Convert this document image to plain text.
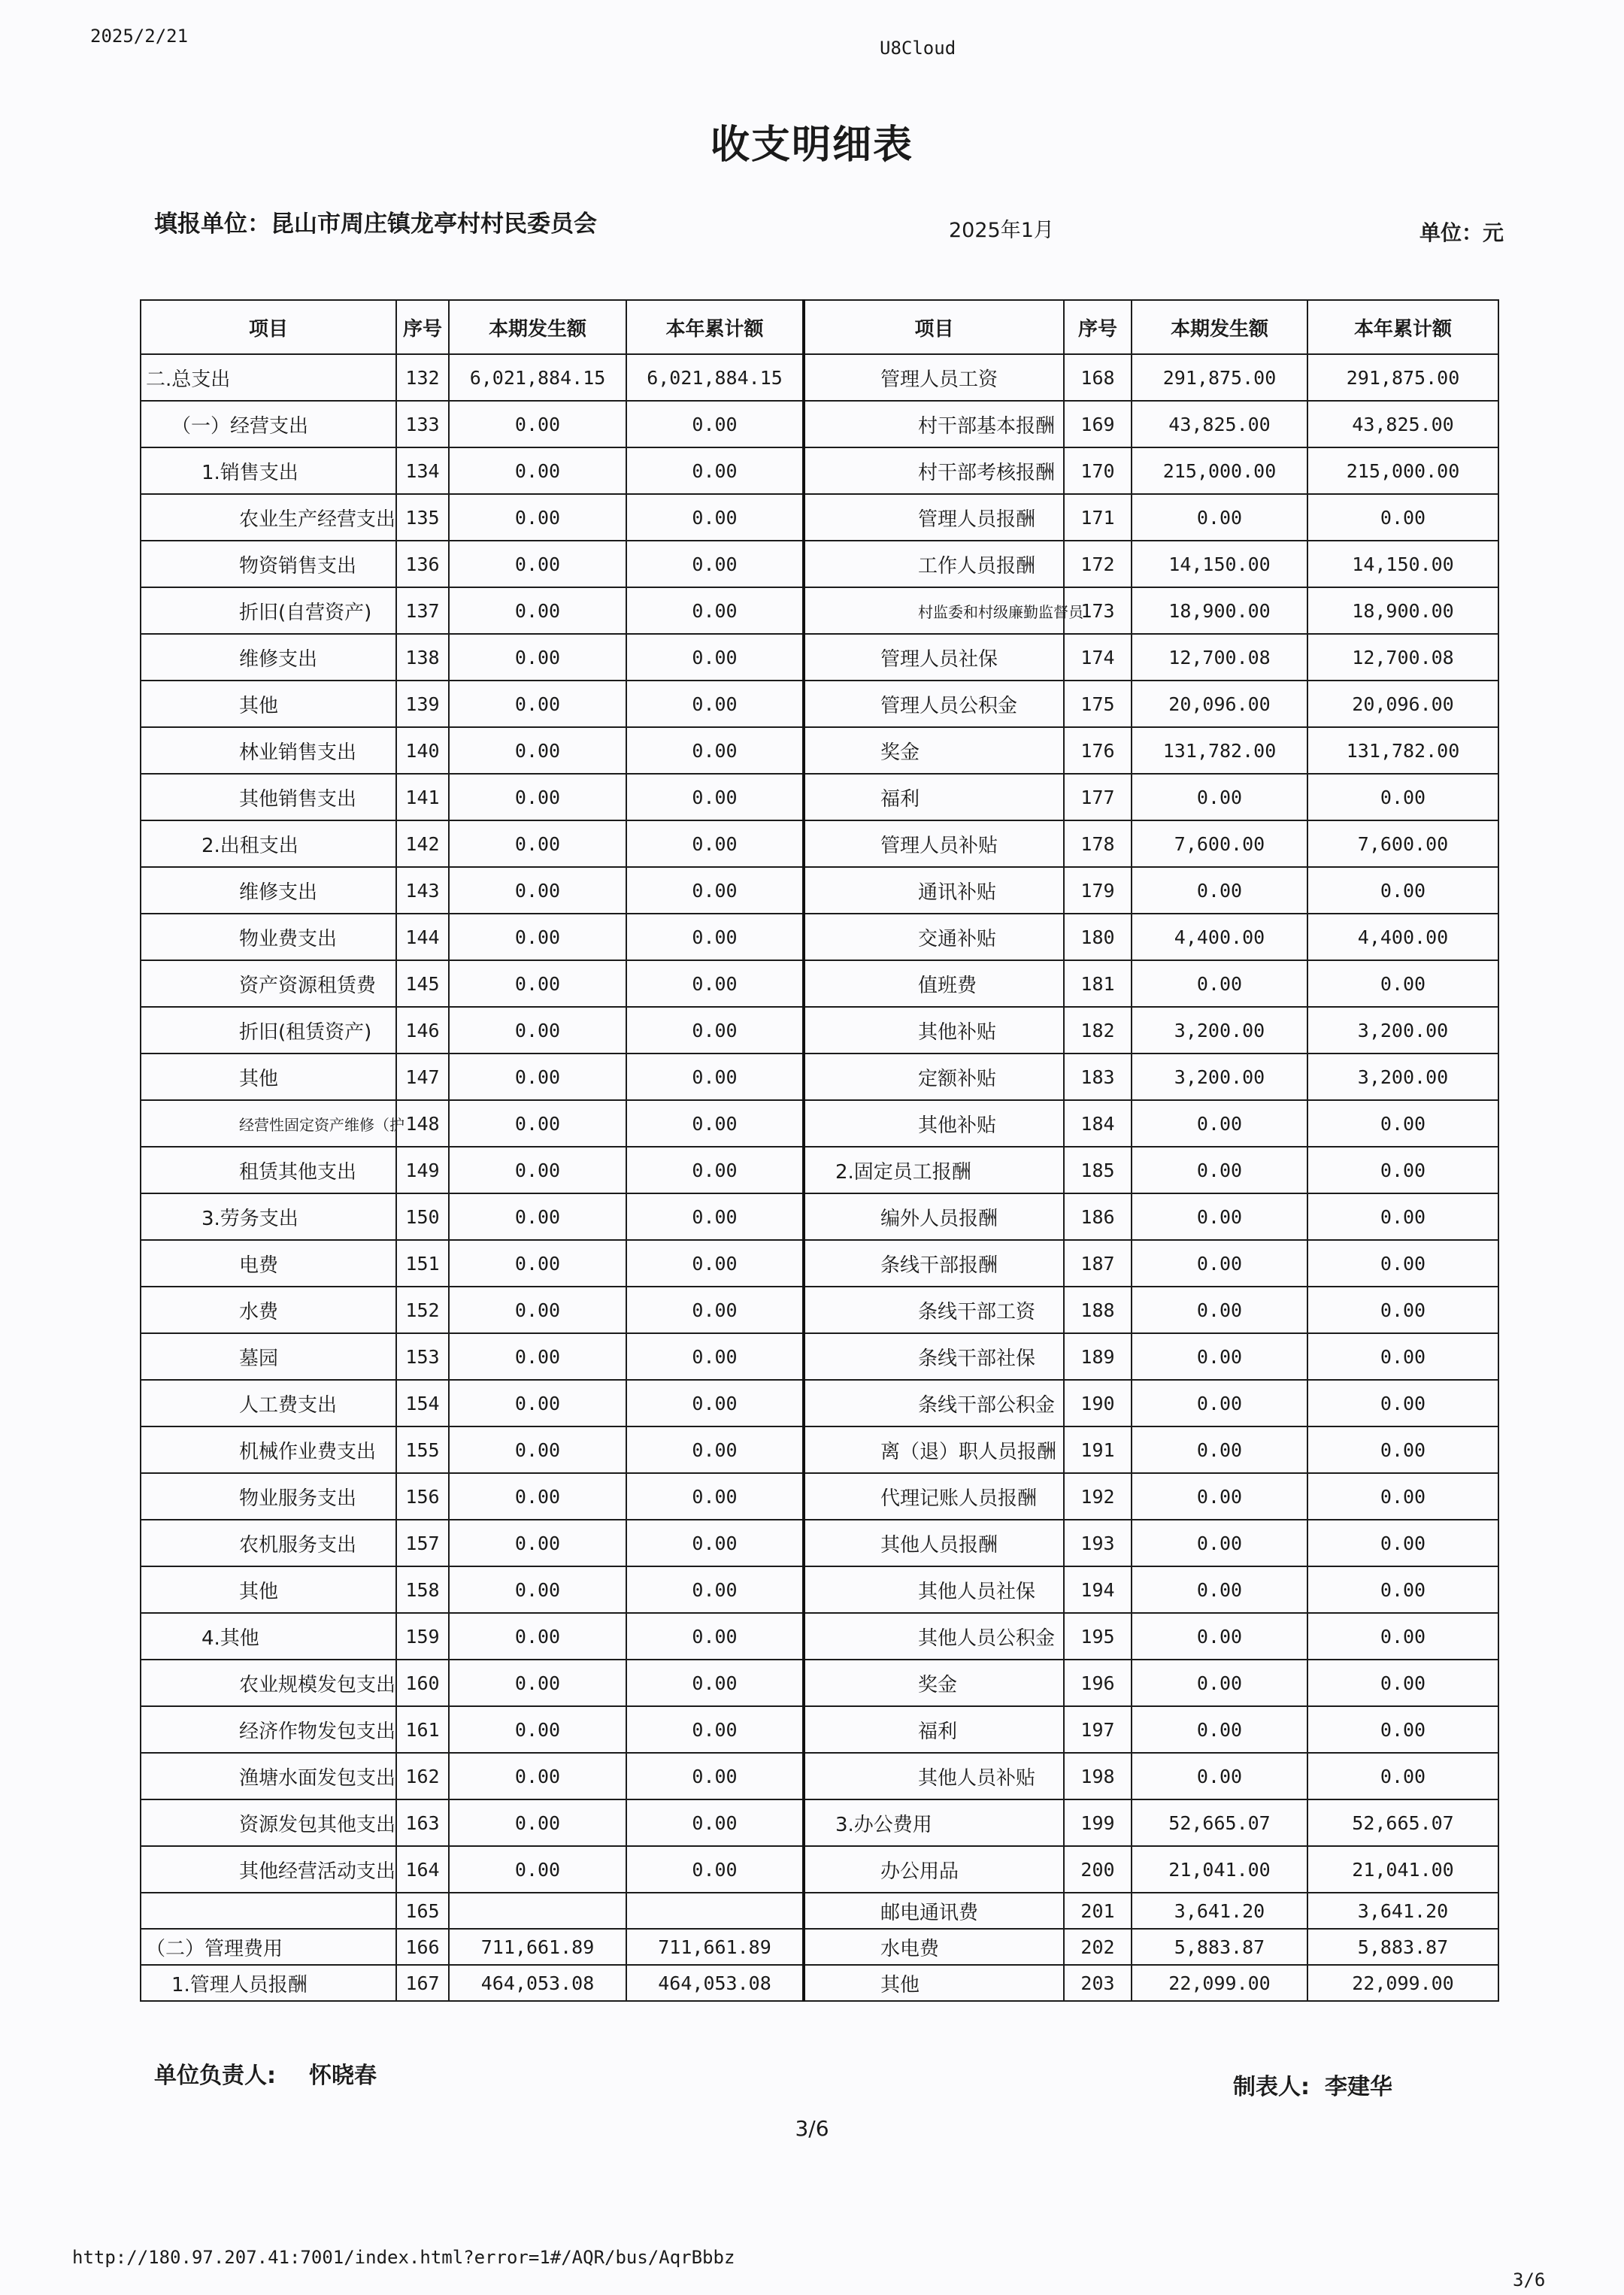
2025/2/21
U8Cloud
收支明细表
填报单位：昆山市周庄镇龙亭村村民委员会	2025年1月	单位：元
项目	序号	本期发生额	本年累计额	项目	序号	本期发生额	本年累计额
二.总支出	132	6,021,884.15	6,021,884.15	管理人员工资	168	291,875.00	291,875.00
（一）经营支出	133	0.00	0.00	村干部基本报酬	169	43,825.00	43,825.00
1.销售支出	134	0.00	0.00	村干部考核报酬	170	215,000.00	215,000.00
农业生产经营支出	135	0.00	0.00	管理人员报酬	171	0.00	0.00
物资销售支出	136	0.00	0.00	工作人员报酬	172	14,150.00	14,150.00
折旧(自营资产)	137	0.00	0.00	村监委和村级廉勤监督员	173	18,900.00	18,900.00
维修支出	138	0.00	0.00	管理人员社保	174	12,700.08	12,700.08
其他	139	0.00	0.00	管理人员公积金	175	20,096.00	20,096.00
林业销售支出	140	0.00	0.00	奖金	176	131,782.00	131,782.00
其他销售支出	141	0.00	0.00	福利	177	0.00	0.00
2.出租支出	142	0.00	0.00	管理人员补贴	178	7,600.00	7,600.00
维修支出	143	0.00	0.00	通讯补贴	179	0.00	0.00
物业费支出	144	0.00	0.00	交通补贴	180	4,400.00	4,400.00
资产资源租赁费	145	0.00	0.00	值班费	181	0.00	0.00
折旧(租赁资产)	146	0.00	0.00	其他补贴	182	3,200.00	3,200.00
其他	147	0.00	0.00	定额补贴	183	3,200.00	3,200.00
经营性固定资产维修（护	148	0.00	0.00	其他补贴	184	0.00	0.00
租赁其他支出	149	0.00	0.00	2.固定员工报酬	185	0.00	0.00
3.劳务支出	150	0.00	0.00	编外人员报酬	186	0.00	0.00
电费	151	0.00	0.00	条线干部报酬	187	0.00	0.00
水费	152	0.00	0.00	条线干部工资	188	0.00	0.00
墓园	153	0.00	0.00	条线干部社保	189	0.00	0.00
人工费支出	154	0.00	0.00	条线干部公积金	190	0.00	0.00
机械作业费支出	155	0.00	0.00	离（退）职人员报酬	191	0.00	0.00
物业服务支出	156	0.00	0.00	代理记账人员报酬	192	0.00	0.00
农机服务支出	157	0.00	0.00	其他人员报酬	193	0.00	0.00
其他	158	0.00	0.00	其他人员社保	194	0.00	0.00
4.其他	159	0.00	0.00	其他人员公积金	195	0.00	0.00
农业规模发包支出	160	0.00	0.00	奖金	196	0.00	0.00
经济作物发包支出	161	0.00	0.00	福利	197	0.00	0.00
渔塘水面发包支出	162	0.00	0.00	其他人员补贴	198	0.00	0.00
资源发包其他支出	163	0.00	0.00	3.办公费用	199	52,665.07	52,665.07
其他经营活动支出	164	0.00	0.00	办公用品	200	21,041.00	21,041.00
	165			邮电通讯费	201	3,641.20	3,641.20
（二）管理费用	166	711,661.89	711,661.89	水电费	202	5,883.87	5,883.87
1.管理人员报酬	167	464,053.08	464,053.08	其他	203	22,099.00	22,099.00
单位负责人: 怀晓春	制表人: 李建华
3/6
http://180.97.207.41:7001/index.html?error=1#/AQR/bus/AqrBbbz
3/6
